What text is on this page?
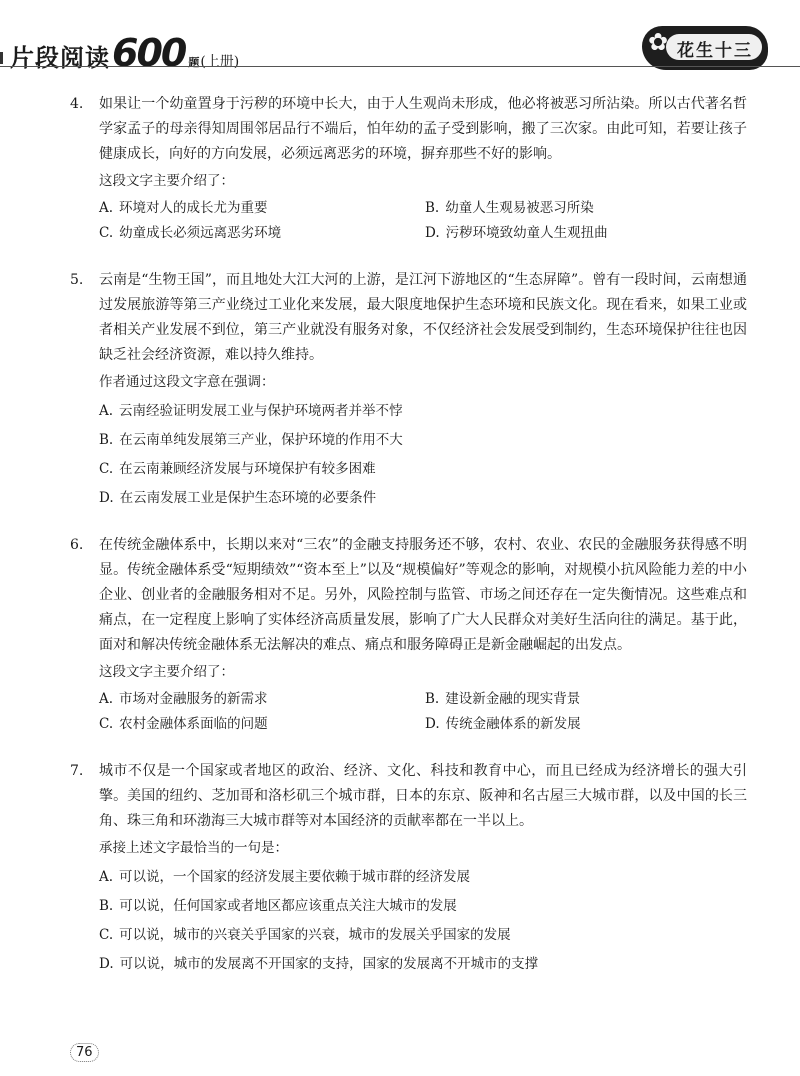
片段阅读 600 题 (上册)
✿ 花生十三
4. 如果让一个幼童置身于污秽的环境中长大，由于人生观尚未形成，他必将被恶习所沾染。所以古代著名哲学家孟子的母亲得知周围邻居品行不端后，怕年幼的孟子受到影响，搬了三次家。由此可知，若要让孩子健康成长，向好的方向发展，必须远离恶劣的环境，摒弃那些不好的影响。

这段文字主要介绍了：
A. 环境对人的成长尤为重要	B. 幼童人生观易被恶习所染
C. 幼童成长必须远离恶劣环境	D. 污秽环境致幼童人生观扭曲
5. 云南是“生物王国”，而且地处大江大河的上游，是江河下游地区的“生态屏障”。曾有一段时间，云南想通过发展旅游等第三产业绕过工业化来发展，最大限度地保护生态环境和民族文化。现在看来，如果工业或者相关产业发展不到位，第三产业就没有服务对象，不仅经济社会发展受到制约，生态环境保护往往也因缺乏社会经济资源，难以持久维持。

作者通过这段文字意在强调：
A. 云南经验证明发展工业与保护环境两者并举不悖
B. 在云南单纯发展第三产业，保护环境的作用不大
C. 在云南兼顾经济发展与环境保护有较多困难
D. 在云南发展工业是保护生态环境的必要条件
6. 在传统金融体系中，长期以来对“三农”的金融支持服务还不够，农村、农业、农民的金融服务获得感不明显。传统金融体系受“短期绩效”“资本至上”以及“规模偏好”等观念的影响，对规模小抗风险能力差的中小企业、创业者的金融服务相对不足。另外，风险控制与监管、市场之间还存在一定失衡情况。这些难点和痛点，在一定程度上影响了实体经济高质量发展，影响了广大人民群众对美好生活向往的满足。基于此，面对和解决传统金融体系无法解决的难点、痛点和服务障碍正是新金融崛起的出发点。

这段文字主要介绍了：
A. 市场对金融服务的新需求	B. 建设新金融的现实背景
C. 农村金融体系面临的问题	D. 传统金融体系的新发展
7. 城市不仅是一个国家或者地区的政治、经济、文化、科技和教育中心，而且已经成为经济增长的强大引擎。美国的纽约、芝加哥和洛杉矶三个城市群，日本的东京、阪神和名古屋三大城市群，以及中国的长三角、珠三角和环渤海三大城市群等对本国经济的贡献率都在一半以上。

承接上述文字最恰当的一句是：
A. 可以说，一个国家的经济发展主要依赖于城市群的经济发展
B. 可以说，任何国家或者地区都应该重点关注大城市的发展
C. 可以说，城市的兴衰关乎国家的兴衰，城市的发展关乎国家的发展
D. 可以说，城市的发展离不开国家的支持，国家的发展离不开城市的支撑
76
